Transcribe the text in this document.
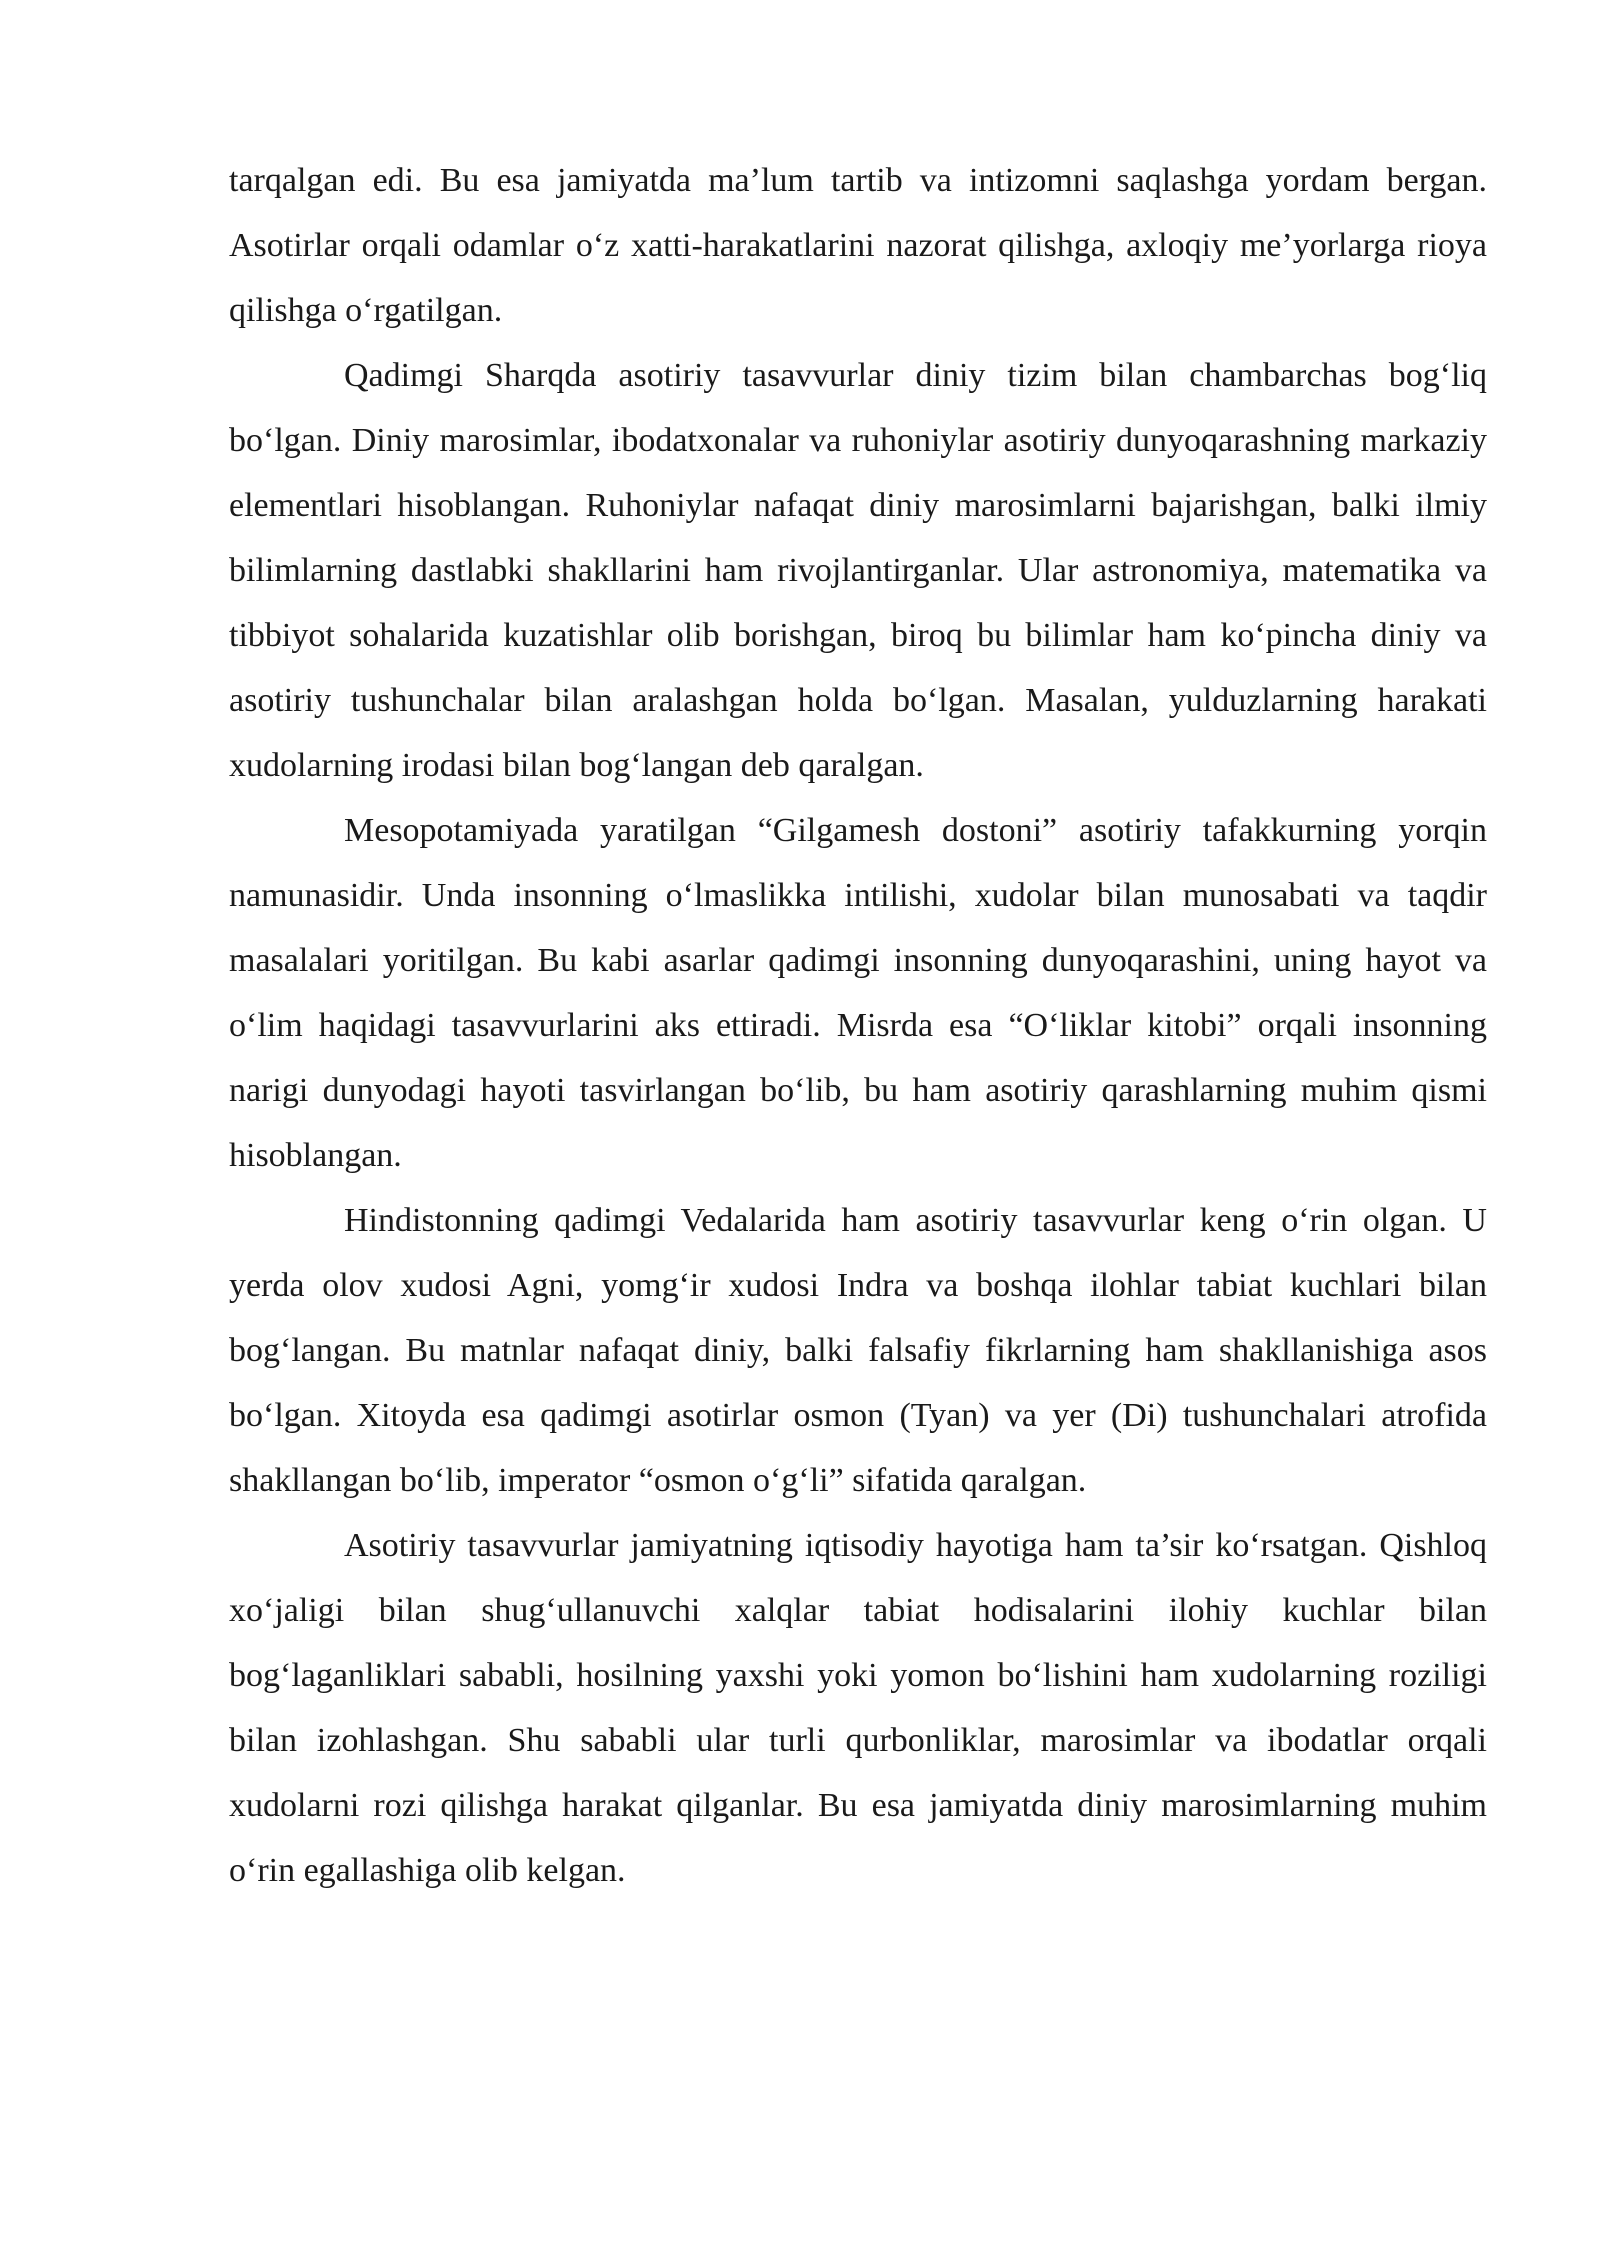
tarqalgan edi. Bu esa jamiyatda ma’lum tartib va intizomni saqlashga yordam bergan. Asotirlar orqali odamlar o‘z xatti-harakatlarini nazorat qilishga, axloqiy me’yorlarga rioya qilishga o‘rgatilgan.

Qadimgi Sharqda asotiriy tasavvurlar diniy tizim bilan chambarchas bog‘liq bo‘lgan. Diniy marosimlar, ibodatxonalar va ruhoniylar asotiriy dunyoqarashning markaziy elementlari hisoblangan. Ruhoniylar nafaqat diniy marosimlarni bajarishgan, balki ilmiy bilimlarning dastlabki shakllarini ham rivojlantirganlar. Ular astronomiya, matematika va tibbiyot sohalarida kuzatishlar olib borishgan, biroq bu bilimlar ham ko‘pincha diniy va asotiriy tushunchalar bilan aralashgan holda bo‘lgan. Masalan, yulduzlarning harakati xudolarning irodasi bilan bog‘langan deb qaralgan.

Mesopotamiyada yaratilgan “Gilgamesh dostoni” asotiriy tafakkurning yorqin namunasidir. Unda insonning o‘lmaslikka intilishi, xudolar bilan munosabati va taqdir masalalari yoritilgan. Bu kabi asarlar qadimgi insonning dunyoqarashini, uning hayot va o‘lim haqidagi tasavvurlarini aks ettiradi. Misrda esa “O‘liklar kitobi” orqali insonning narigi dunyodagi hayoti tasvirlangan bo‘lib, bu ham asotiriy qarashlarning muhim qismi hisoblangan.

Hindistonning qadimgi Vedalarida ham asotiriy tasavvurlar keng o‘rin olgan. U yerda olov xudosi Agni, yomg‘ir xudosi Indra va boshqa ilohlar tabiat kuchlari bilan bog‘langan. Bu matnlar nafaqat diniy, balki falsafiy fikrlarning ham shakllanishiga asos bo‘lgan. Xitoyda esa qadimgi asotirlar osmon (Tyan) va yer (Di) tushunchalari atrofida shakllangan bo‘lib, imperator “osmon o‘g‘li” sifatida qaralgan.

Asotiriy tasavvurlar jamiyatning iqtisodiy hayotiga ham ta’sir ko‘rsatgan. Qishloq xo‘jaligi bilan shug‘ullanuvchi xalqlar tabiat hodisalarini ilohiy kuchlar bilan bog‘laganliklari sababli, hosilning yaxshi yoki yomon bo‘lishini ham xudolarning roziligi bilan izohlashgan. Shu sababli ular turli qurbonliklar, marosimlar va ibodatlar orqali xudolarni rozi qilishga harakat qilganlar. Bu esa jamiyatda diniy marosimlarning muhim o‘rin egallashiga olib kelgan.
